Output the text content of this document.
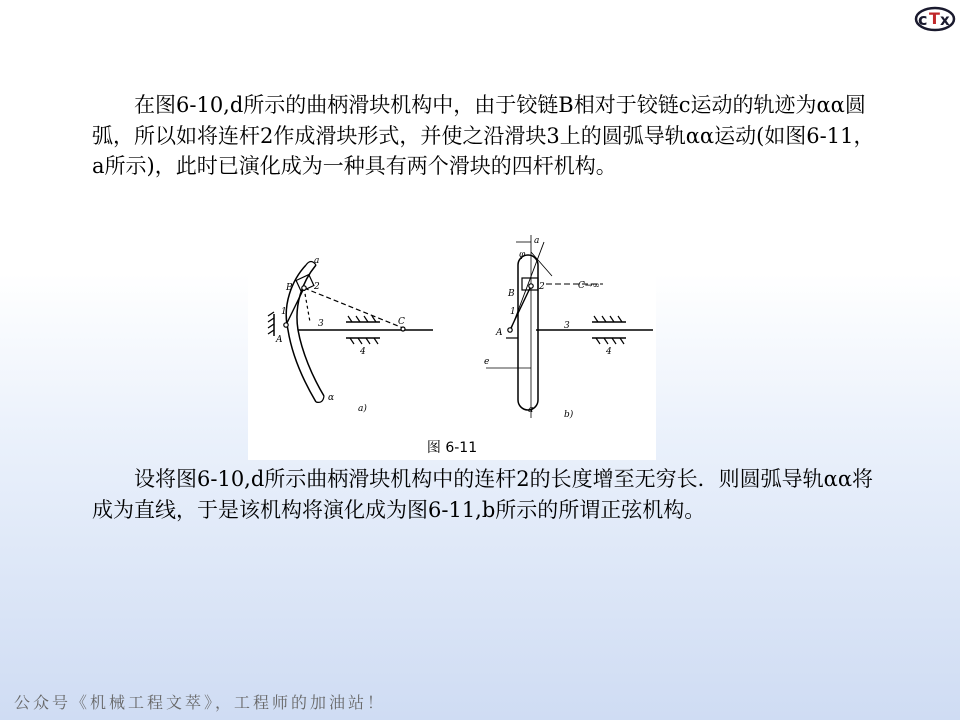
c T x

在图6-10,d所示的曲柄滑块机构中，由于铰链B相对于铰链c运动的轨迹为αα圆弧，所以如将连杆2作成滑块形式，并使之沿滑块3上的圆弧导轨αα运动(如图6-11，a所示)，此时已演化成为一种具有两个滑块的四杆机构。

a
2
B
1
3	C
A
4
α
a)
a
φ
2	C→∞
B
1
A
3
4
e
a	b)
图 6-11

设将图6-10,d所示曲柄滑块机构中的连杆2的长度增至无穷长．则圆弧导轨αα将成为直线，于是该机构将演化成为图6-11,b所示的所谓正弦机构。

公众号《机械工程文萃》，工程师的加油站！
